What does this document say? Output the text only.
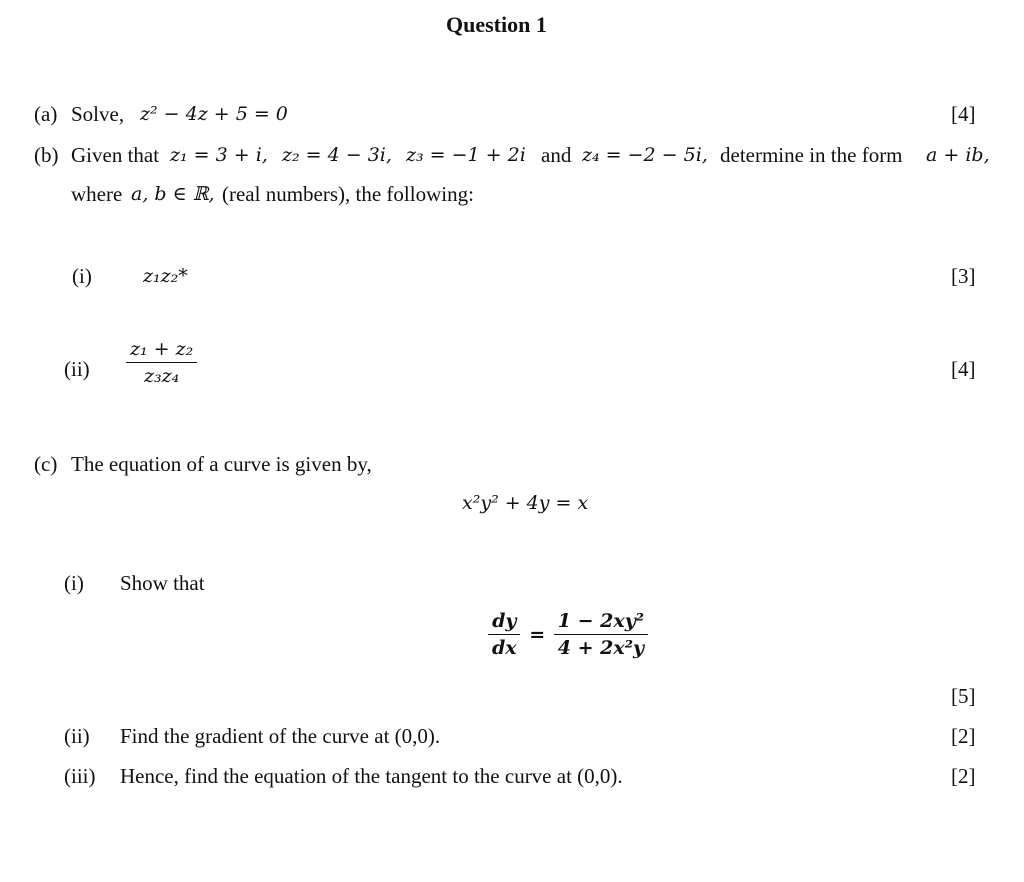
Question 1
(a) Solve, z² − 4z + 5 = 0	[4]
(b) Given that z₁ = 3 + i, z₂ = 4 − 3i, z₃ = −1 + 2i and z₄ = −2 − 5i, determine in the form a + ib,
where a, b ∈ ℝ, (real numbers), the following:
(i)	z₁z₂*	[3]
$(ii) \frac{\text{z₁ + z₂}}{\text{z₃z₄}}$	[4]
(c) The equation of a curve is given by,
x²y² + 4y = x
(i) Show that
$\frac{dy}{dx} = \frac{\text{1 − 2xy²}}{\text{4 + 2x²y}}$
[5]
(ii) Find the gradient of the curve at (0,0).	[2]
(iii) Hence, find the equation of the tangent to the curve at (0,0).	[2]
